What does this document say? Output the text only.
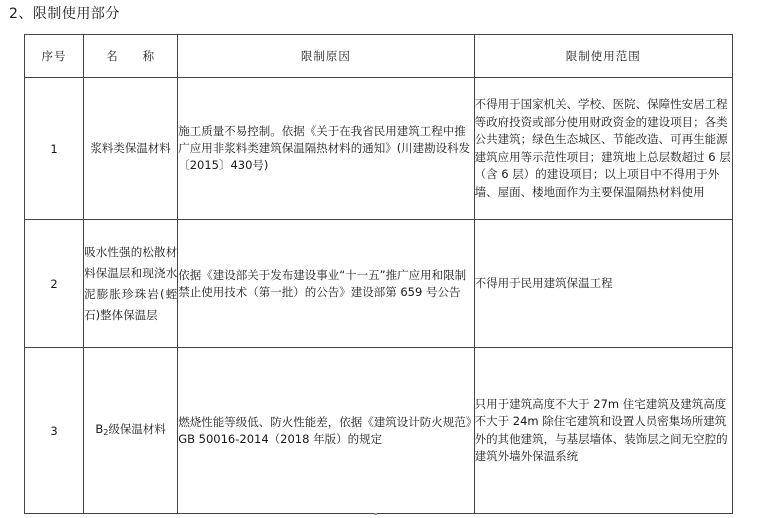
2、限制使用部分
序号	名 称	限制原因	限制使用范围
1	浆料类保温材料	施工质量不易控制。依据《关于在我省民用建筑工程中推广应用非浆料类建筑保温隔热材料的通知》(川建勘设科发〔2015〕430号)	不得用于国家机关、学校、医院、保障性安居工程等政府投资或部分使用财政资金的建设项目；各类公共建筑；绿色生态城区、节能改造、可再生能源建筑应用等示范性项目；建筑地上总层数超过 6 层（含 6 层）的建设项目；以上项目中不得用于外墙、屋面、楼地面作为主要保温隔热材料使用
2	吸水性强的松散材料保温层和现浇水泥膨胀珍珠岩(蛭石)整体保温层	依据《建设部关于发布建设事业“十一五”推广应用和限制禁止使用技术（第一批）的公告》建设部第 659 号公告	不得用于民用建筑保温工程
3	$B_2$级保温材料	燃烧性能等级低、防火性能差，依据《建筑设计防火规范》GB 50016-2014（2018 年版）的规定	只用于建筑高度不大于 27m 住宅建筑及建筑高度不大于 24m 除住宅建筑和设置人员密集场所建筑外的其他建筑，与基层墙体、装饰层之间无空腔的建筑外墙外保温系统
